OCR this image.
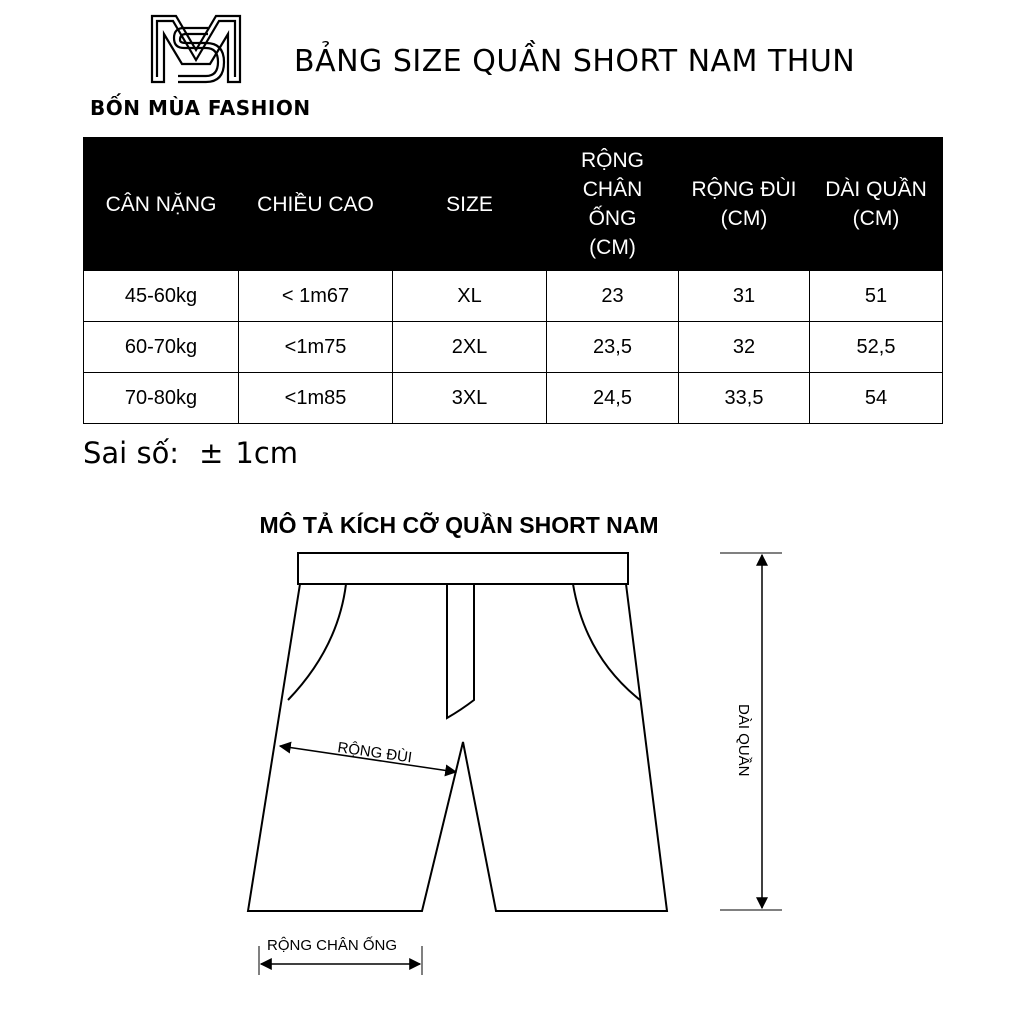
BỐN MÙA FASHION
BẢNG SIZE QUẦN SHORT NAM THUN
CÂN NẶNG	CHIỀU CAO	SIZE	RỘNG CHÂN ỐNG (CM)	RỘNG ĐÙI (CM)	DÀI QUẦN (CM)
45-60kg	< 1m67	XL	23	31	51
60-70kg	<1m75	2XL	23,5	32	52,5
70-80kg	<1m85	3XL	24,5	33,5	54
Sai số: ± 1cm
MÔ TẢ KÍCH CỠ QUẦN SHORT NAM
RỘNG ĐÙI
RỘNG CHÂN ỐNG
DÀI QUẦN
